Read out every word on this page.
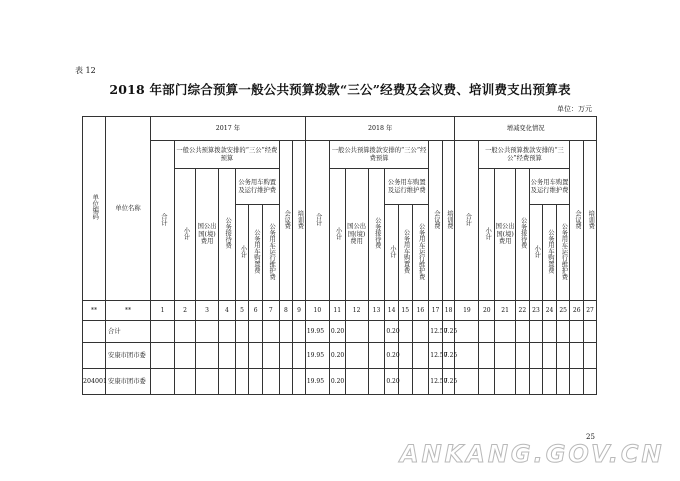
表 12
2018 年部门综合预算一般公共预算拨款“三公”经费及会议费、培训费支出预算表
单位：万元
单位编码	单位名称	2017 年									2018 年									增减变化情况								
		合计	一般公共预算拨款安排的“三公”经费预算						会议费	培训费	合计	一般公共预算拨款安排的“三公”经费预算						会议费	培训费	合计	一般公共预算拨款安排的“三公”经费预算						会议费	培训费
			小计	国公出国(境)费用	公务接待费	公务用车购置及运行维护费						小计	国公出国(境)费用	公务接待费	公务用车购置及运行维护费						小计	国公出国(境)费用	公务接待费	公务用车购置及运行维护费				
						小计	公务用车购置费	公务用车运行维护费							小计	公务用车购置费	公务用车运行维护费							小计	公务用车购置费	公务用车运行维护费		

**	**	1	2	3	4	5	6	7	8	9	10	11	12	13	14	15	16	17	18	19	20	21	22	23	24	25	26	27
	合计										19.95	0.20			0.20			12.50	7.25									
	安康市团市委										19.95	0.20			0.20			12.50	7.25									
204001	安康市团市委										19.95	0.20			0.20			12.50	7.25									
25
ANKANG.GOV.CN
